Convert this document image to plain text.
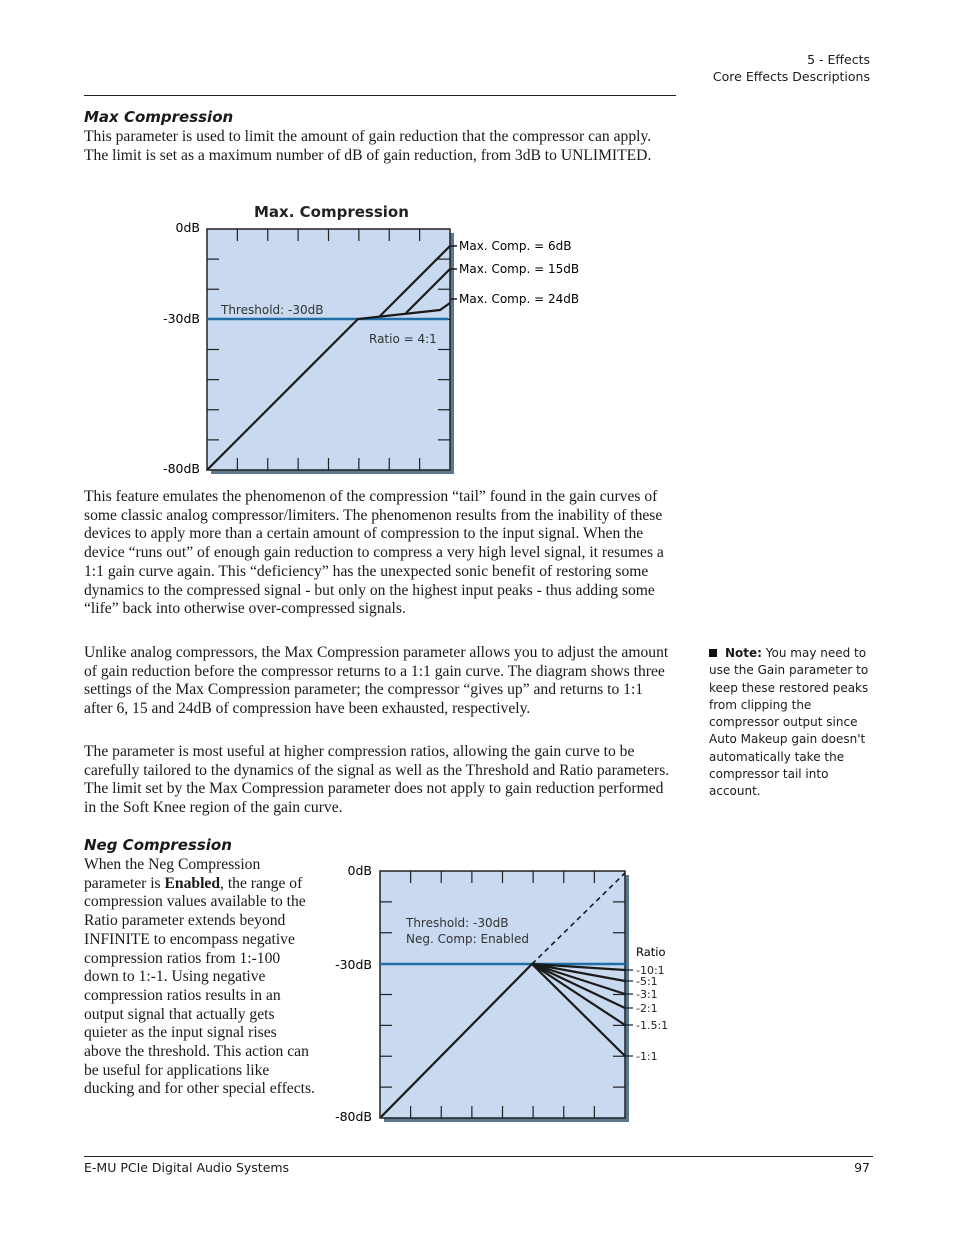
5 - Effects
Core Effects Descriptions
Max Compression

This parameter is used to limit the amount of gain reduction that the compressor can apply. The limit is set as a maximum number of dB of gain reduction, from 3dB to UNLIMITED.

Max. Compression
0dB
-30dB
-80dB
Threshold: -30dB
Ratio = 4:1
Max. Comp. = 6dB
Max. Comp. = 15dB
Max. Comp. = 24dB

This feature emulates the phenomenon of the compression “tail” found in the gain curves of some classic analog compressor/limiters. The phenomenon results from the inability of these devices to apply more than a certain amount of compression to the input signal. When the device “runs out” of enough gain reduction to compress a very high level signal, it resumes a 1:1 gain curve again. This “deficiency” has the unexpected sonic benefit of restoring some dynamics to the compressed signal - but only on the highest input peaks - thus adding some “life” back into otherwise over-compressed signals.

Unlike analog compressors, the Max Compression parameter allows you to adjust the amount of gain reduction before the compressor returns to a 1:1 gain curve. The diagram shows three settings of the Max Compression parameter; the compressor “gives up” and returns to 1:1 after 6, 15 and 24dB of compression have been exhausted, respectively.

The parameter is most useful at higher compression ratios, allowing the gain curve to be carefully tailored to the dynamics of the signal as well as the Threshold and Ratio parameters. The limit set by the Max Compression parameter does not apply to gain reduction performed in the Soft Knee region of the gain curve.

Note: You may need to use the Gain parameter to keep these restored peaks from clipping the compressor output since Auto Makeup gain doesn't automatically take the compressor tail into account.
Neg Compression

When the Neg Compression parameter is Enabled, the range of compression values available to the Ratio parameter extends beyond INFINITE to encompass negative compression ratios from 1:-100 down to 1:-1. Using negative compression ratios results in an output signal that actually gets quieter as the input signal rises above the threshold. This action can be useful for applications like ducking and for other special effects.

0dB
-30dB
-80dB
Threshold: -30dB
Neg. Comp: Enabled
Ratio
-10:1
-5:1
-3:1
-2:1
-1.5:1
-1:1
E-MU PCIe Digital Audio Systems	97
